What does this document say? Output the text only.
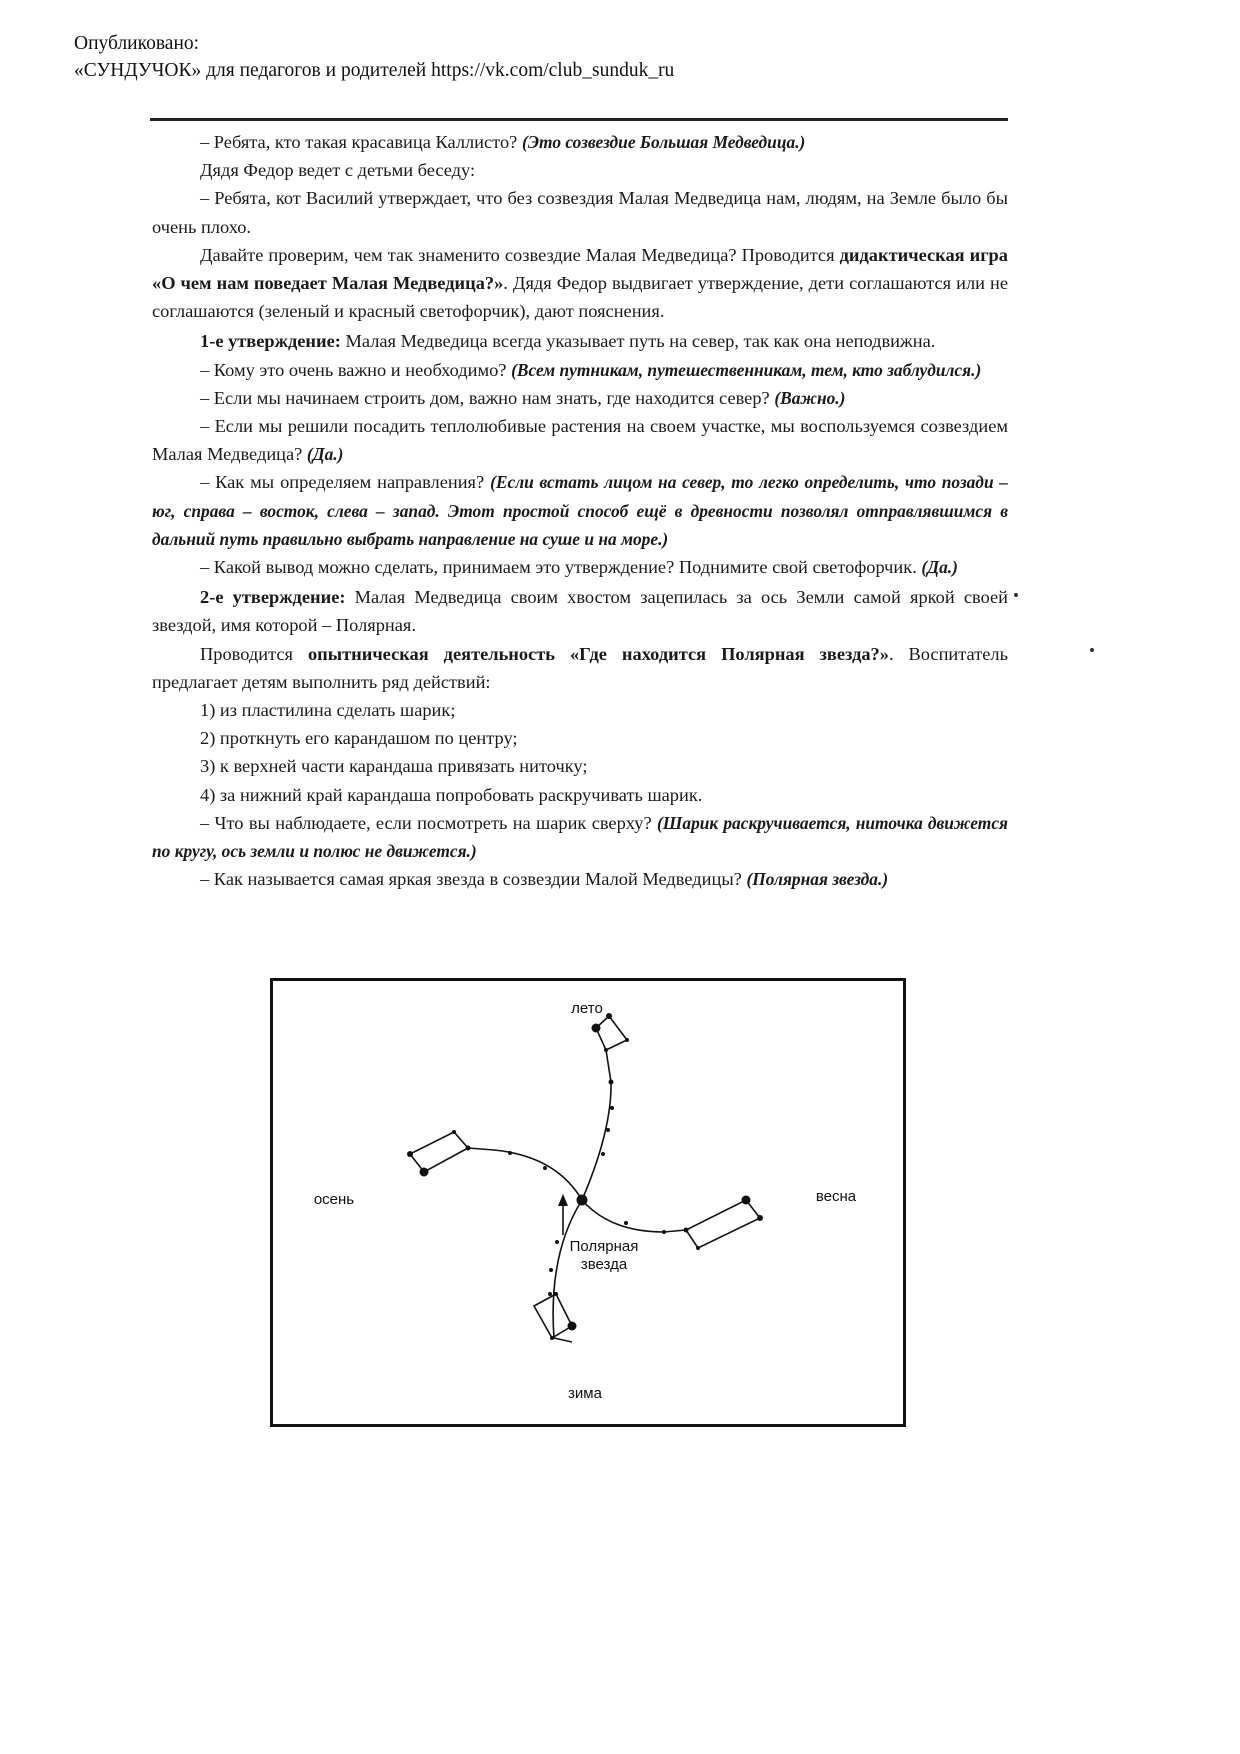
Опубликовано:
«СУНДУЧОК» для педагогов и родителей https://vk.com/club_sunduk_ru

– Ребята, кто такая красавица Каллисто? (Это созвездие Большая Медведица.)

Дядя Федор ведет с детьми беседу:

– Ребята, кот Василий утверждает, что без созвездия Малая Медведица нам, людям, на Земле было бы очень плохо.

Давайте проверим, чем так знаменито созвездие Малая Медведица? Проводится дидактическая игра «О чем нам поведает Малая Медведица?». Дядя Федор выдвигает утверждение, дети соглашаются или не соглашаются (зеленый и красный светофорчик), дают пояснения.

1-е утверждение: Малая Медведица всегда указывает путь на север, так как она неподвижна.

– Кому это очень важно и необходимо? (Всем путникам, путешественникам, тем, кто заблудился.)

– Если мы начинаем строить дом, важно нам знать, где находится север? (Важно.)

– Если мы решили посадить теплолюбивые растения на своем участке, мы воспользуемся созвездием Малая Медведица? (Да.)

– Как мы определяем направления? (Если встать лицом на север, то легко определить, что позади – юг, справа – восток, слева – запад. Этот простой способ ещё в древности позволял отправлявшимся в дальний путь правильно выбрать направление на суше и на море.)

– Какой вывод можно сделать, принимаем это утверждение? Поднимите свой светофорчик. (Да.)

2-е утверждение: Малая Медведица своим хвостом зацепилась за ось Земли самой яркой своей звездой, имя которой – Полярная.

Проводится опытническая деятельность «Где находится Полярная звезда?». Воспитатель предлагает детям выполнить ряд действий:

1) из пластилина сделать шарик;

2) проткнуть его карандашом по центру;

3) к верхней части карандаша привязать ниточку;

4) за нижний край карандаша попробовать раскручивать шарик.

– Что вы наблюдаете, если посмотреть на шарик сверху? (Шарик раскручивается, ниточка движется по кругу, ось земли и полюс не движется.)

– Как называется самая яркая звезда в созвездии Малой Медведицы? (Полярная звезда.)

лето
весна
осень
зима
Полярная
звезда
